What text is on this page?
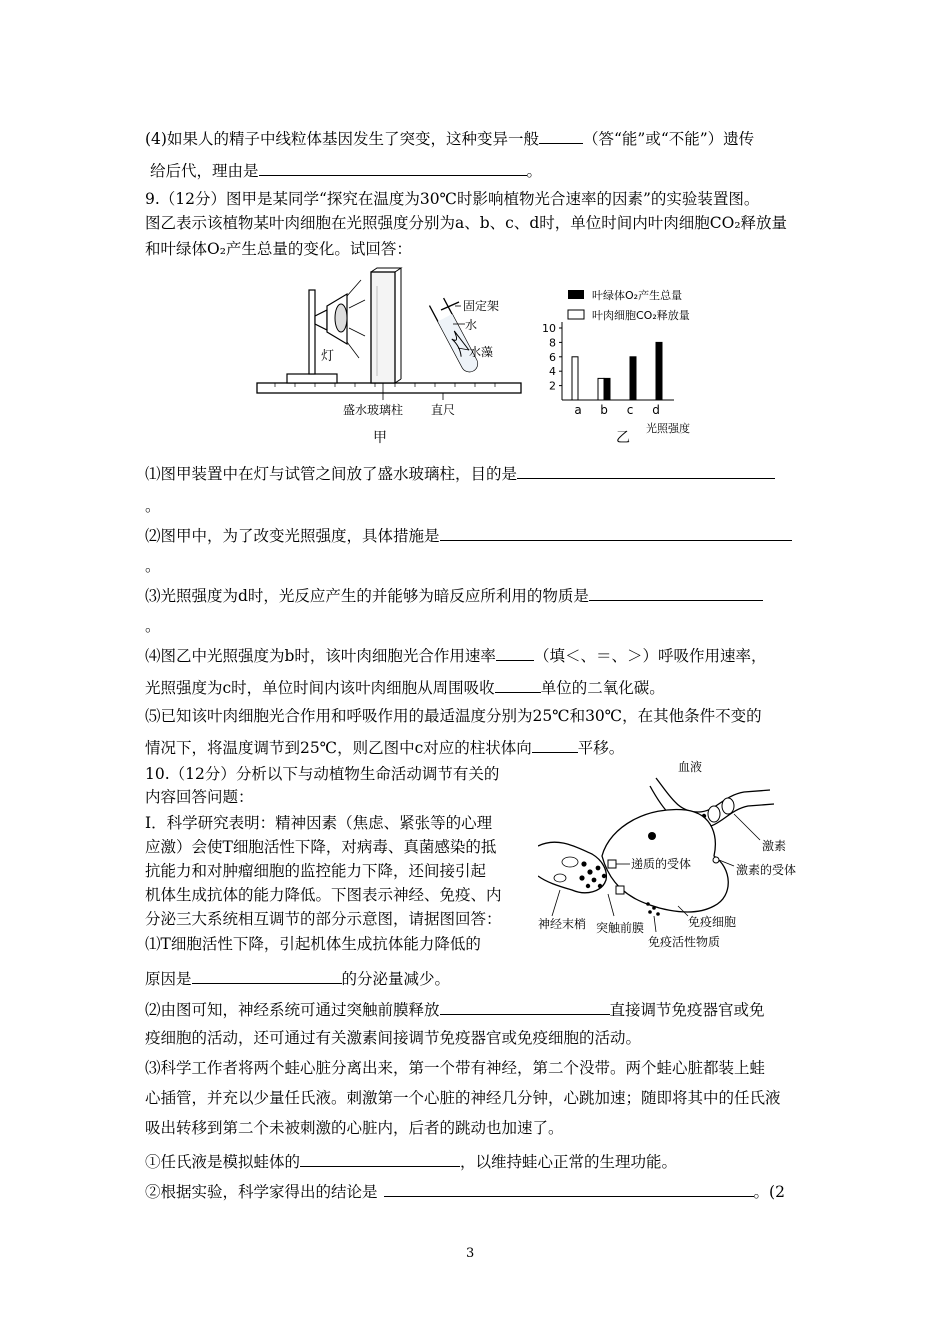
(4)如果人的精子中线粒体基因发生了突变，这种变异一般	（答“能”或“不能”）遗传
给后代，理由是	。
9.（12分）图甲是某同学“探究在温度为30℃时影响植物光合速率的因素”的实验装置图。
图乙表示该植物某叶肉细胞在光照强度分别为a、b、c、d时，单位时间内叶肉细胞CO₂释放量
和叶绿体O₂产生总量的变化。试回答：
灯
固定架
水
水藻
盛水玻璃柱 直尺
甲
叶绿体O₂产生总量
叶肉细胞CO₂释放量
2
4
6
8
10
a b c d
光照强度
乙
⑴图甲装置中在灯与试管之间放了盛水玻璃柱，目的是
。
⑵图甲中，为了改变光照强度，具体措施是
。
⑶光照强度为d时，光反应产生的并能够为暗反应所利用的物质是
。
⑷图乙中光照强度为b时，该叶肉细胞光合作用速率 （填＜、＝、＞）呼吸作用速率，
光照强度为c时，单位时间内该叶肉细胞从周围吸收	单位的二氧化碳。
⑸已知该叶肉细胞光合作用和呼吸作用的最适温度分别为25℃和30℃，在其他条件不变的
情况下，将温度调节到25℃，则乙图中c对应的柱状体向	平移。
10.（12分）分析以下与动植物生命活动调节有关的
内容回答问题：
Ⅰ．科学研究表明：精神因素（焦虑、紧张等的心理
应激）会使T细胞活性下降，对病毒、真菌感染的抵
抗能力和对肿瘤细胞的监控能力下降，还间接引起
机体生成抗体的能力降低。下图表示神经、免疫、内
分泌三大系统相互调节的部分示意图，请据图回答：
⑴T细胞活性下降，引起机体生成抗体能力降低的
原因是	的分泌量减少。
血液
激素
递质的受体	激素的受体
神经末梢 突触前膜	免疫细胞
免疫活性物质
⑵由图可知，神经系统可通过突触前膜释放	直接调节免疫器官或免
疫细胞的活动，还可通过有关激素间接调节免疫器官或免疫细胞的活动。
⑶科学工作者将两个蛙心脏分离出来，第一个带有神经，第二个没带。两个蛙心脏都装上蛙
心插管，并充以少量任氏液。刺激第一个心脏的神经几分钟，心跳加速；随即将其中的任氏液
吸出转移到第二个未被刺激的心脏内，后者的跳动也加速了。
①任氏液是模拟蛙体的	，以维持蛙心正常的生理功能。
②根据实验，科学家得出的结论是	。(2
3
